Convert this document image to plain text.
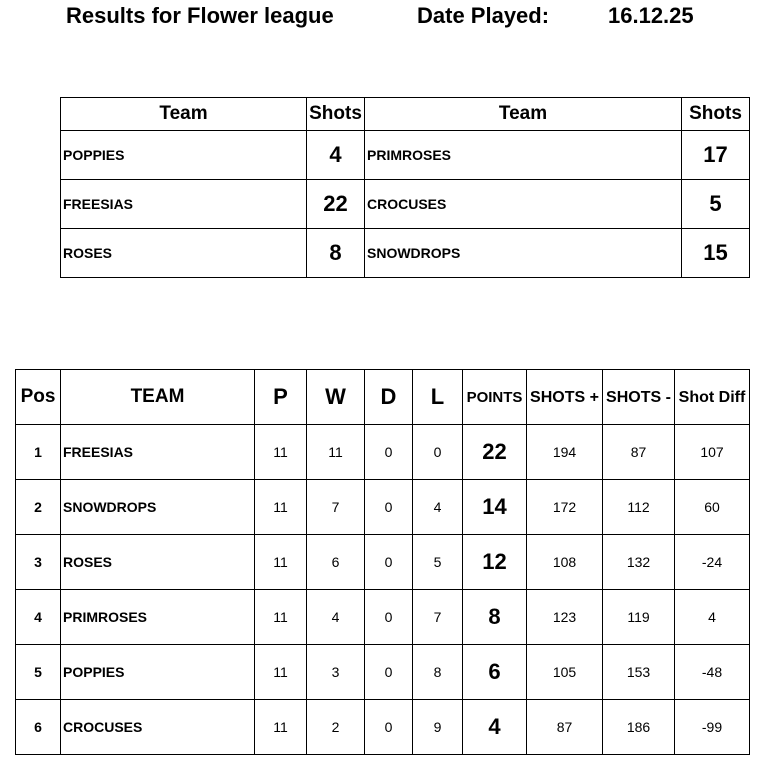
Results for Flower league	Date Played:	16.12.25
Team	Shots	Team	Shots
POPPIES	4	PRIMROSES	17
FREESIAS	22	CROCUSES	5
ROSES	8	SNOWDROPS	15
Pos	TEAM	P	W	D	L	POINTS	SHOTS +	SHOTS -	Shot Diff
1	FREESIAS	11	11	0	0	22	194	87	107
2	SNOWDROPS	11	7	0	4	14	172	112	60
3	ROSES	11	6	0	5	12	108	132	-24
4	PRIMROSES	11	4	0	7	8	123	119	4
5	POPPIES	11	3	0	8	6	105	153	-48
6	CROCUSES	11	2	0	9	4	87	186	-99
